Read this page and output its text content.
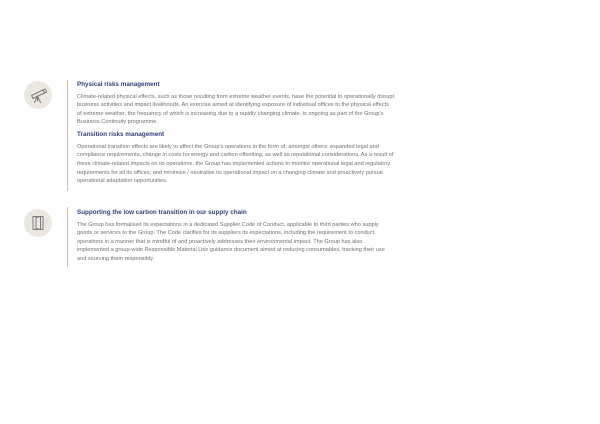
Physical risks management
Climate-related physical effects, such as those resulting from extreme weather events, have the potential to operationally disrupt business activities and impact livelihoods. An exercise aimed at identifying exposure of individual offices to the physical effects of extreme weather, the frequency of which is increasing due to a rapidly changing climate, is ongoing as part of the Group's Business Continuity programme.
Transition risks management
Operational transition effects are likely to affect the Group's operations in the form of, amongst others: expanded legal and compliance requirements, change in costs for energy and carbon offsetting, as well as reputational considerations. As a result of these climate-related impacts on its operations, the Group has implemented actions to monitor operational legal and regulatory requirements for all its offices; and minimise / neutralise its operational impact on a changing climate and proactively pursue operational adaptation opportunities.
Supporting the low carbon transition in our supply chain
The Group has formalised its expectations in a dedicated Supplier Code of Conduct, applicable to third parties who supply goods or services to the Group. The Code clarifies for its suppliers its expectations, including the requirement to conduct operations in a manner that is mindful of and proactively addresses their environmental impact. The Group has also implemented a group-wide Responsible Material Use guidance document aimed at reducing consumables, tracking their use and sourcing them responsibly.
